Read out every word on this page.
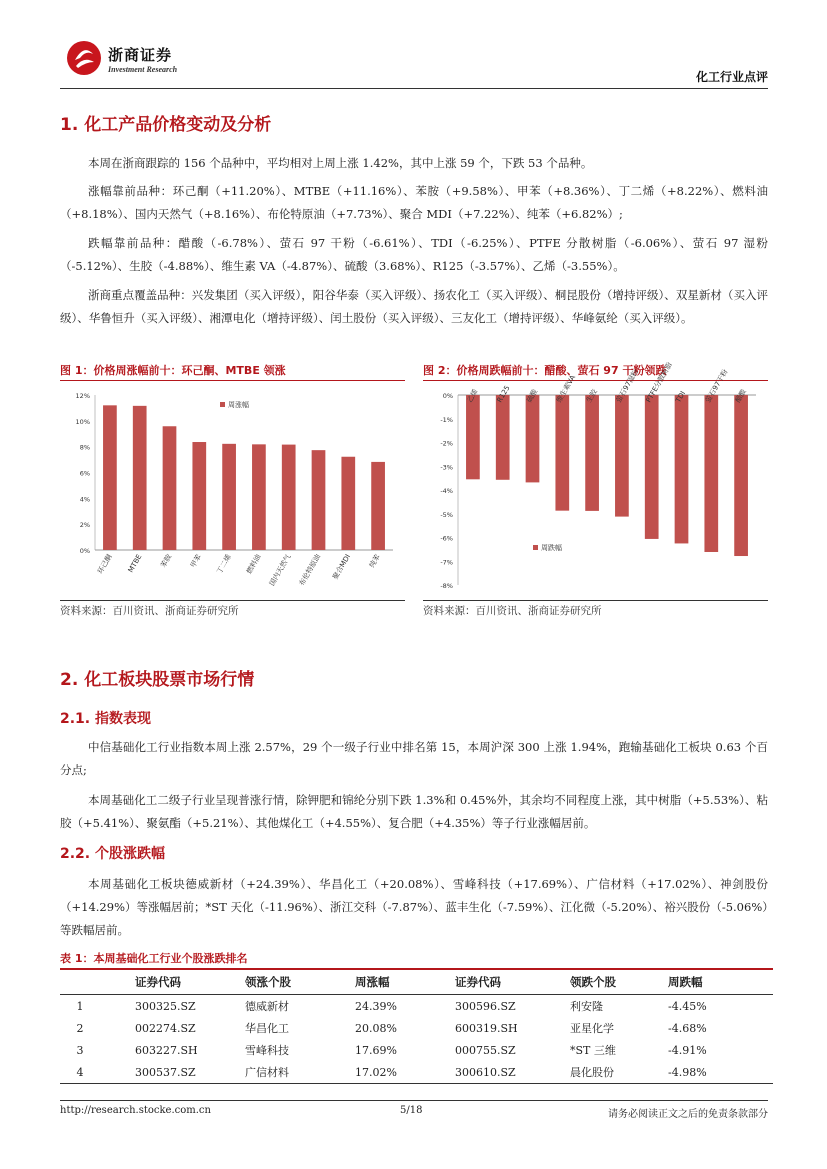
浙商证券
Investment Research
化工行业点评
1. 化工产品价格变动及分析
本周在浙商跟踪的 156 个品种中，平均相对上周上涨 1.42%，其中上涨 59 个，下跌 53 个品种。
涨幅靠前品种：环己酮（+11.20%）、MTBE（+11.16%）、苯胺（+9.58%）、甲苯（+8.36%）、丁二烯（+8.22%）、燃料油（+8.18%）、国内天然气（+8.16%）、布伦特原油（+7.73%）、聚合 MDI（+7.22%）、纯苯（+6.82%）;
跌幅靠前品种：醋酸（-6.78%）、萤石 97 干粉（-6.61%）、TDI（-6.25%）、PTFE 分散树脂（-6.06%）、萤石 97 湿粉（-5.12%）、生胶（-4.88%）、维生素 VA（-4.87%）、硫酸（3.68%）、R125（-3.57%）、乙烯（-3.55%）。
浙商重点覆盖品种：兴发集团（买入评级），阳谷华泰（买入评级）、扬农化工（买入评级）、桐昆股份（增持评级）、双星新材（买入评级）、华鲁恒升（买入评级）、湘潭电化（增持评级）、闰土股份（买入评级）、三友化工（增持评级）、华峰氨纶（买入评级）。
图 1：价格周涨幅前十：环己酮、MTBE 领涨
0%
2%
4%
6%
8%
10%
12%
环己酮 MTBE 苯胺 甲苯 丁二烯 燃料油 国内天然气 布伦特原油 聚合MDI 纯苯
周涨幅
资料来源：百川资讯、浙商证券研究所
图 2：价格周跌幅前十：醋酸、萤石 97 干粉领跌
0%
-1%
-2%
-3%
-4%
-5%
-6%
-7%
-8%
乙烯 R125 硫酸 维生素VA 生胶 萤石97湿粉 PTFE分散树脂 TDI 萤石97干粉 醋酸
周跌幅
资料来源：百川资讯、浙商证券研究所
2. 化工板块股票市场行情
2.1. 指数表现
中信基础化工行业指数本周上涨 2.57%，29 个一级子行业中排名第 15，本周沪深 300 上涨 1.94%，跑输基础化工板块 0.63 个百分点;
本周基础化工二级子行业呈现普涨行情，除钾肥和锦纶分别下跌 1.3%和 0.45%外，其余均不同程度上涨，其中树脂（+5.53%）、粘胶（+5.41%）、聚氨酯（+5.21%）、其他煤化工（+4.55%）、复合肥（+4.35%）等子行业涨幅居前。
2.2. 个股涨跌幅
本周基础化工板块德威新材（+24.39%）、华昌化工（+20.08%）、雪峰科技（+17.69%）、广信材料（+17.02%）、神剑股份（+14.29%）等涨幅居前；*ST 天化（-11.96%）、浙江交科（-7.87%）、蓝丰生化（-7.59%）、江化微（-5.20%）、裕兴股份（-5.06%）等跌幅居前。
表 1：本周基础化工行业个股涨跌排名
	证券代码	领涨个股	周涨幅	证券代码	领跌个股	周跌幅
1	300325.SZ	德威新材	24.39%	300596.SZ	利安隆	-4.45%
2	002274.SZ	华昌化工	20.08%	600319.SH	亚星化学	-4.68%
3	603227.SH	雪峰科技	17.69%	000755.SZ	*ST 三维	-4.91%
4	300537.SZ	广信材料	17.02%	300610.SZ	晨化股份	-4.98%
http://research.stocke.com.cn	5/18	请务必阅读正文之后的免责条款部分
